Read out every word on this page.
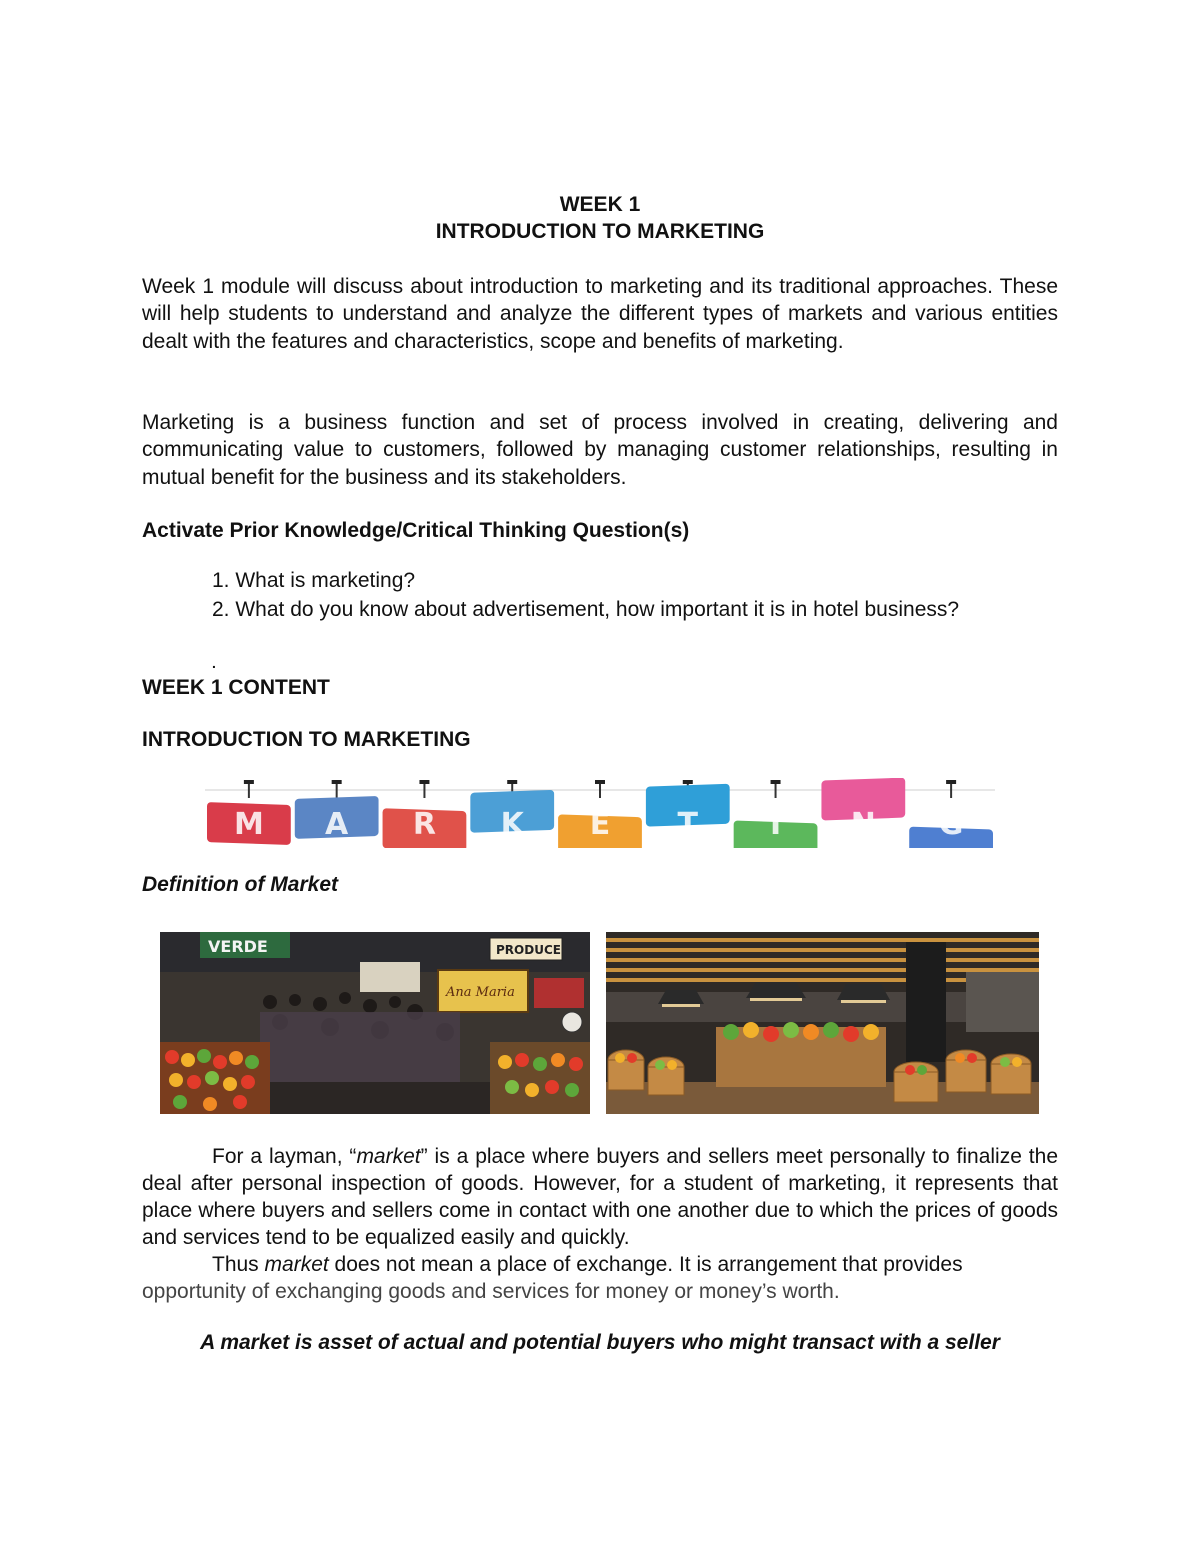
WEEK 1
INTRODUCTION TO MARKETING
Week 1 module will discuss about introduction to marketing and its traditional approaches. These will help students to understand and analyze the different types of markets and various entities dealt with the features and characteristics, scope and benefits of marketing.
Marketing is a business function and set of process involved in creating, delivering and communicating value to customers, followed by managing customer relationships, resulting in mutual benefit for the business and its stakeholders.
Activate Prior Knowledge/Critical Thinking Question(s)
1. What is marketing?
2. What do you know about advertisement, how important it is in hotel business?
.
WEEK 1 CONTENT
INTRODUCTION TO MARKETING
M A R K E T I N G
Definition of Market
VERDE	PRODUCE
Ana Maria
For a layman, “market” is a place where buyers and sellers meet personally to finalize the deal after personal inspection of goods. However, for a student of marketing, it represents that place where buyers and sellers come in contact with one another due to which the prices of goods and services tend to be equalized easily and quickly.
Thus market does not mean a place of exchange. It is arrangement that provides
opportunity of exchanging goods and services for money or money’s worth.
A market is asset of actual and potential buyers who might transact with a seller
